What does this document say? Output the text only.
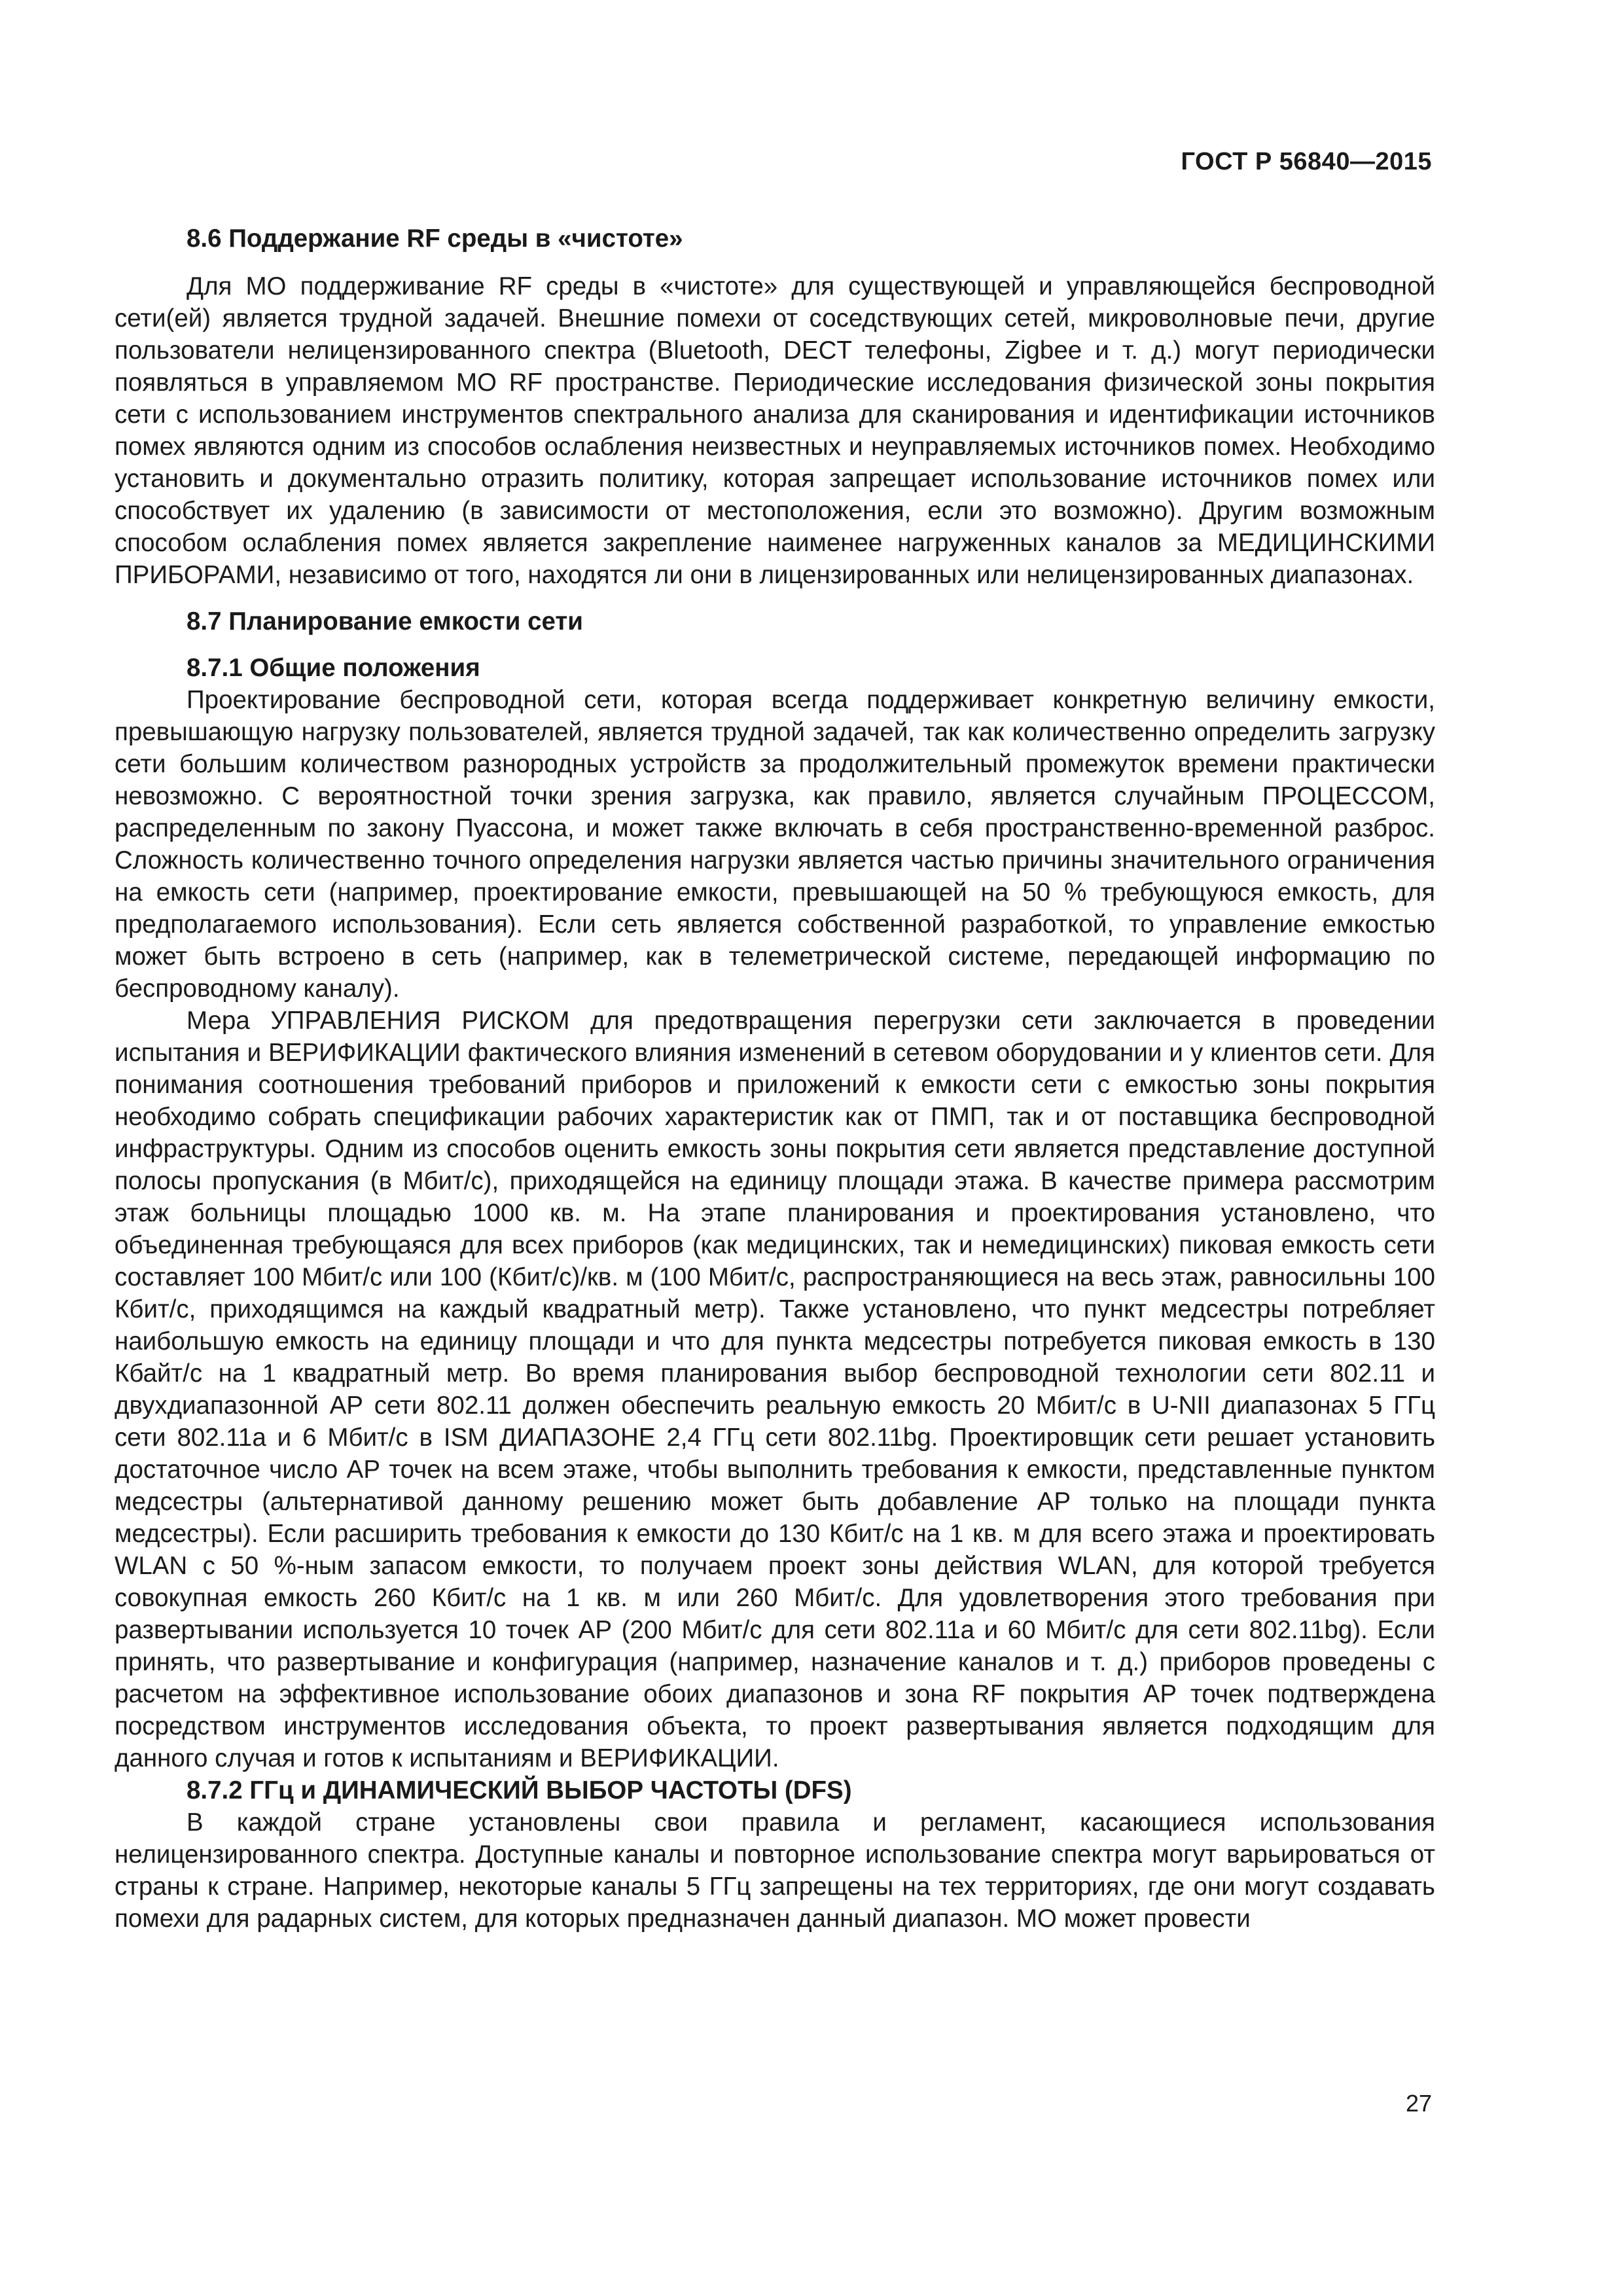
ГОСТ Р 56840—2015
8.6 Поддержание RF среды в «чистоте»

Для МО поддерживание RF среды в «чистоте» для существующей и управляющейся беспроводной сети(ей) является трудной задачей. Внешние помехи от соседствующих сетей, микроволновые печи, другие пользователи нелицензированного спектра (Bluetooth, DECT телефоны, Zigbee и т. д.) могут периодически появляться в управляемом МО RF пространстве. Периодические исследования физической зоны покрытия сети с использованием инструментов спектрального анализа для сканирования и идентификации источников помех являются одним из способов ослабления неизвестных и неуправляемых источников помех. Необходимо установить и документально отразить политику, которая запрещает использование источников помех или способствует их удалению (в зависимости от местоположения, если это возможно). Другим возможным способом ослабления помех является закрепление наименее нагруженных каналов за МЕДИЦИНСКИМИ ПРИБОРАМИ, независимо от того, находятся ли они в лицензированных или нелицензированных диапазонах.

8.7 Планирование емкости сети
8.7.1 Общие положения

Проектирование беспроводной сети, которая всегда поддерживает конкретную величину емкости, превышающую нагрузку пользователей, является трудной задачей, так как количественно определить загрузку сети большим количеством разнородных устройств за продолжительный промежуток времени практически невозможно. С вероятностной точки зрения загрузка, как правило, является случайным ПРОЦЕССОМ, распределенным по закону Пуассона, и может также включать в себя пространственно-временной разброс. Сложность количественно точного определения нагрузки является частью причины значительного ограничения на емкость сети (например, проектирование емкости, превышающей на 50 % требующуюся емкость, для предполагаемого использования). Если сеть является собственной разработкой, то управление емкостью может быть встроено в сеть (например, как в телеметрической системе, передающей информацию по беспроводному каналу).

Мера УПРАВЛЕНИЯ РИСКОМ для предотвращения перегрузки сети заключается в проведении испытания и ВЕРИФИКАЦИИ фактического влияния изменений в сетевом оборудовании и у клиентов сети. Для понимания соотношения требований приборов и приложений к емкости сети с емкостью зоны покрытия необходимо собрать спецификации рабочих характеристик как от ПМП, так и от поставщика беспроводной инфраструктуры. Одним из способов оценить емкость зоны покрытия сети является представление доступной полосы пропускания (в Мбит/с), приходящейся на единицу площади этажа. В качестве примера рассмотрим этаж больницы площадью 1000 кв. м. На этапе планирования и проектирования установлено, что объединенная требующаяся для всех приборов (как медицинских, так и немедицинских) пиковая емкость сети составляет 100 Мбит/с или 100 (Кбит/с)/кв. м (100 Мбит/с, распространяющиеся на весь этаж, равносильны 100 Кбит/с, приходящимся на каждый квадратный метр). Также установлено, что пункт медсестры потребляет наибольшую емкость на единицу площади и что для пункта медсестры потребуется пиковая емкость в 130 Кбайт/с на 1 квадратный метр. Во время планирования выбор беспроводной технологии сети 802.11 и двухдиапазонной АР сети 802.11 должен обеспечить реальную емкость 20 Мбит/с в U-NII диапазонах 5 ГГц сети 802.11а и 6 Мбит/с в ISM ДИАПАЗОНЕ 2,4 ГГц сети 802.11bg. Проектировщик сети решает установить достаточное число АР точек на всем этаже, чтобы выполнить требования к емкости, представленные пунктом медсестры (альтернативой данному решению может быть добавление АР только на площади пункта медсестры). Если расширить требования к емкости до 130 Кбит/с на 1 кв. м для всего этажа и проектировать WLAN с 50 %-ным запасом емкости, то получаем проект зоны действия WLAN, для которой требуется совокупная емкость 260 Кбит/с на 1 кв. м или 260 Мбит/с. Для удовлетворения этого требования при развертывании используется 10 точек АР (200 Мбит/с для сети 802.11а и 60 Мбит/с для сети 802.11bg). Если принять, что развертывание и конфигурация (например, назначение каналов и т. д.) приборов проведены с расчетом на эффективное использование обоих диапазонов и зона RF покрытия АР точек подтверждена посредством инструментов исследования объекта, то проект развертывания является подходящим для данного случая и готов к испытаниям и ВЕРИФИКАЦИИ.

8.7.2 ГГц и ДИНАМИЧЕСКИЙ ВЫБОР ЧАСТОТЫ (DFS)

В каждой стране установлены свои правила и регламент, касающиеся использования нелицензированного спектра. Доступные каналы и повторное использование спектра могут варьироваться от страны к стране. Например, некоторые каналы 5 ГГц запрещены на тех территориях, где они могут создавать помехи для радарных систем, для которых предназначен данный диапазон. МО может провести

27
